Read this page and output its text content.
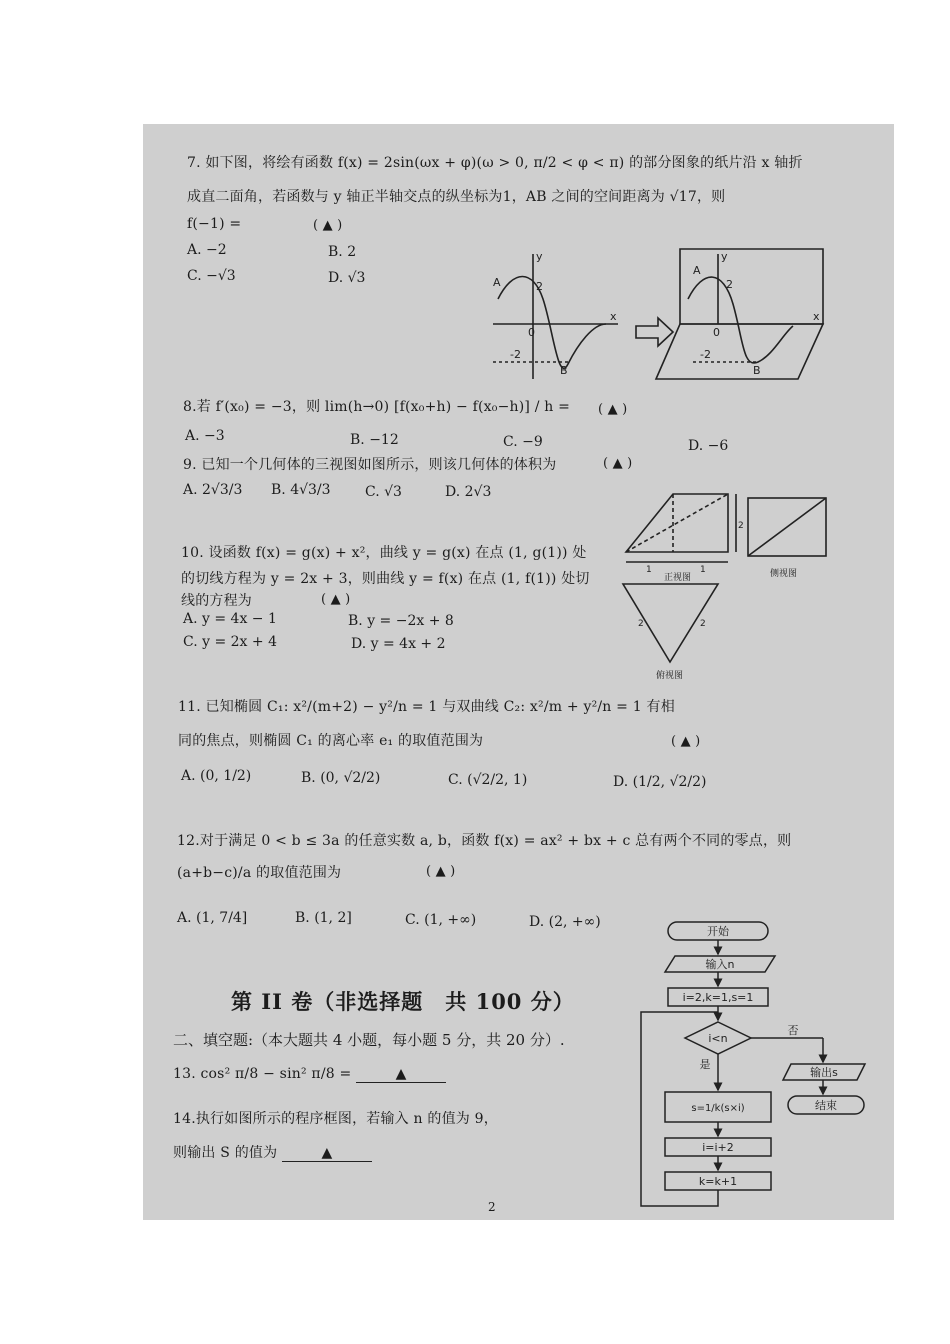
7. 如下图，将绘有函数 f(x) = 2sin(ωx + φ)(ω > 0, π/2 < φ < π) 的部分图象的纸片沿 x 轴折
成直二面角，若函数与 y 轴正半轴交点的纵坐标为1，AB 之间的空间距离为 √17，则
f(−1) =	( ▲ )
A. −2	B. 2
C. −√3	D. √3	A
B
x
y
2
-2
0
A
B
x
y
2
-2
0
8.若 f′(x₀) = −3，则 lim(h→0) [f(x₀+h) − f(x₀−h)] / h = ( ▲ )
A. −3	B. −12	C. −9	D. −6
9. 已知一个几何体的三视图如图所示，则该几何体的体积为	( ▲ )
A. 2√3/3 B. 4√3/3 C. √3	D. 2√3
2
1	1
正视图	侧视图
2	2
俯视图
10. 设函数 f(x) = g(x) + x²，曲线 y = g(x) 在点 (1, g(1)) 处
的切线方程为 y = 2x + 3，则曲线 y = f(x) 在点 (1, f(1)) 处切
线的方程为	( ▲ )
A. y = 4x − 1	B. y = −2x + 8
C. y = 2x + 4	D. y = 4x + 2
11. 已知椭圆 C₁: x²/(m+2) − y²/n = 1 与双曲线 C₂: x²/m + y²/n = 1 有相
同的焦点，则椭圆 C₁ 的离心率 e₁ 的取值范围为	( ▲ )
A. (0, 1/2)	B. (0, √2/2)	C. (√2/2, 1)	D. (1/2, √2/2)
12.对于满足 0 < b ≤ 3a 的任意实数 a, b，函数 f(x) = ax² + bx + c 总有两个不同的零点，则
(a+b−c)/a 的取值范围为	( ▲ )
A. (1, 7/4]	B. (1, 2]	C. (1, +∞)	D. (2, +∞)
第 II 卷（非选择题　共 100 分）
二、填空题:（本大题共 4 小题，每小题 5 分，共 20 分）.
13. cos² π/8 − sin² π/8 =	▲
14.执行如图所示的程序框图，若输入 n 的值为 9，
则输出 S 的值为	▲
开始
输入n
i=2,k=1,s=1
i<n
否
是
输出s
结束
s=1/k(s×i)
i=i+2
k=k+1
2
